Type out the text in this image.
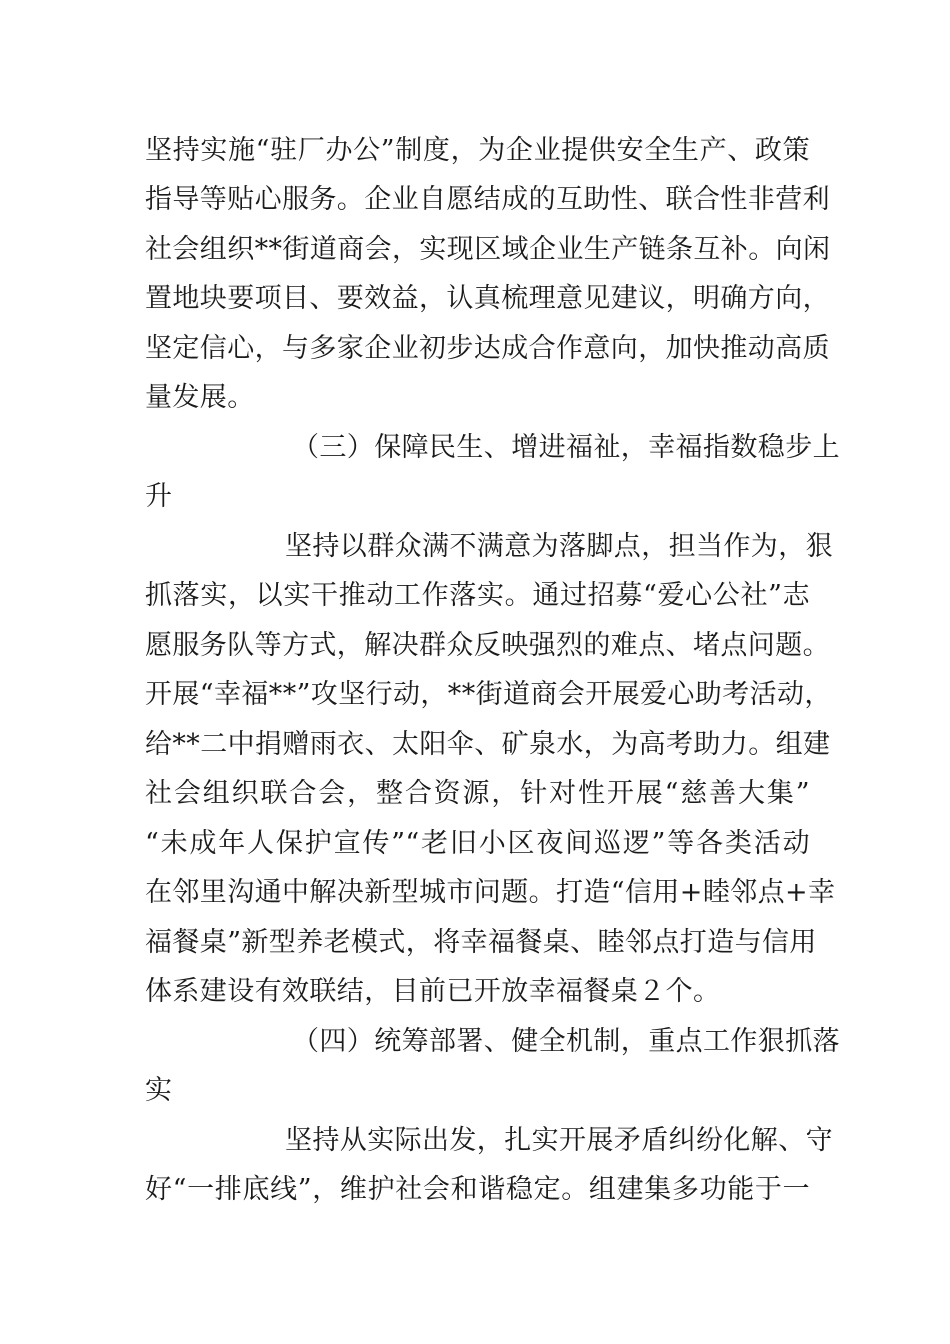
坚持实施“驻厂办公”制度，为企业提供安全生产、政策
指导等贴心服务。企业自愿结成的互助性、联合性非营利
社会组织**街道商会，实现区域企业生产链条互补。向闲
置地块要项目、要效益，认真梳理意见建议，明确方向，
坚定信心，与多家企业初步达成合作意向，加快推动高质
量发展。
（三）保障民生、增进福祉，幸福指数稳步上
升
坚持以群众满不满意为落脚点，担当作为，狠
抓落实，以实干推动工作落实。通过招募“爱心公社”志
愿服务队等方式，解决群众反映强烈的难点、堵点问题。
开展“幸福**”攻坚行动，**街道商会开展爱心助考活动，
给**二中捐赠雨衣、太阳伞、矿泉水，为高考助力。组建
社会组织联合会，整合资源，针对性开展“慈善大集”
“未成年人保护宣传”“老旧小区夜间巡逻”等各类活动
在邻里沟通中解决新型城市问题。打造“信用+睦邻点+幸
福餐桌”新型养老模式，将幸福餐桌、睦邻点打造与信用
体系建设有效联结，目前已开放幸福餐桌２个。
（四）统筹部署、健全机制，重点工作狠抓落
实
坚持从实际出发，扎实开展矛盾纠纷化解、守
好“一排底线”，维护社会和谐稳定。组建集多功能于一
